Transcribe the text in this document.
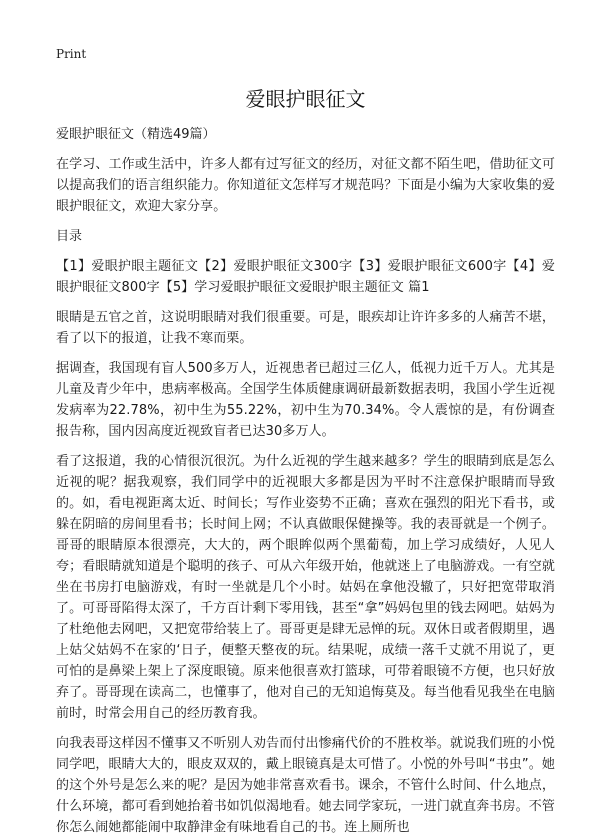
Print
爱眼护眼征文
爱眼护眼征文（精选49篇）

在学习、工作或生活中，许多人都有过写征文的经历，对征文都不陌生吧，借助征文可以提高我们的语言组织能力。你知道征文怎样写才规范吗？下面是小编为大家收集的爱眼护眼征文，欢迎大家分享。

目录

【1】爱眼护眼主题征文【2】爱眼护眼征文300字【3】爱眼护眼征文600字【4】爱眼护眼征文800字【5】学习爱眼护眼征文爱眼护眼主题征文 篇1

眼睛是五官之首，这说明眼睛对我们很重要。可是，眼疾却让许许多多的人痛苦不堪，看了以下的报道，让我不寒而栗。

据调查，我国现有盲人500多万人，近视患者已超过三亿人，低视力近千万人。尤其是儿童及青少年中，患病率极高。全国学生体质健康调研最新数据表明，我国小学生近视发病率为22.78%，初中生为55.22%，初中生为70.34%。令人震惊的是，有份调查报告称，国内因高度近视致盲者已达30多万人。

看了这报道，我的心情很沉很沉。为什么近视的学生越来越多？学生的眼睛到底是怎么近视的呢？据我观察，我们同学中的近视眼大多都是因为平时不注意保护眼睛而导致的。如，看电视距离太近、时间长；写作业姿势不正确；喜欢在强烈的阳光下看书，或躲在阴暗的房间里看书；长时间上网；不认真做眼保健操等。我的表哥就是一个例子。哥哥的眼睛原本很漂亮，大大的，两个眼眸似两个黑葡萄，加上学习成绩好，人见人夸；看眼睛就知道是个聪明的孩子、可从六年级开始，他就迷上了电脑游戏。一有空就坐在书房打电脑游戏，有时一坐就是几个小时。姑妈在拿他没辙了，只好把宽带取消了。可哥哥陷得太深了，千方百计剩下零用钱，甚至“拿”妈妈包里的钱去网吧。姑妈为了杜绝他去网吧，又把宽带给装上了。哥哥更是肆无忌惮的玩。双休日或者假期里，遇上姑父姑妈不在家的‘日子，便整天整夜的玩。结果呢，成绩一落千丈就不用说了，更可怕的是鼻梁上架上了深度眼镜。原来他很喜欢打篮球，可带着眼镜不方便，也只好放弃了。哥哥现在读高二，也懂事了，他对自己的无知追悔莫及。每当他看见我坐在电脑前时，时常会用自己的经历教育我。

向我表哥这样因不懂事又不听别人劝告而付出惨痛代价的不胜枚举。就说我们班的小悦同学吧，眼睛大大的，眼皮双双的，戴上眼镜真是太可惜了。小悦的外号叫“书虫”。她的这个外号是怎么来的呢？是因为她非常喜欢看书。课余，不管什么时间、什么地点，什么环境，都可看到她抬着书如饥似渴地看。她去同学家玩，一进门就直奔书房。不管你怎么闹她都能闹中取静津金有味地看自己的书。连上厕所也
